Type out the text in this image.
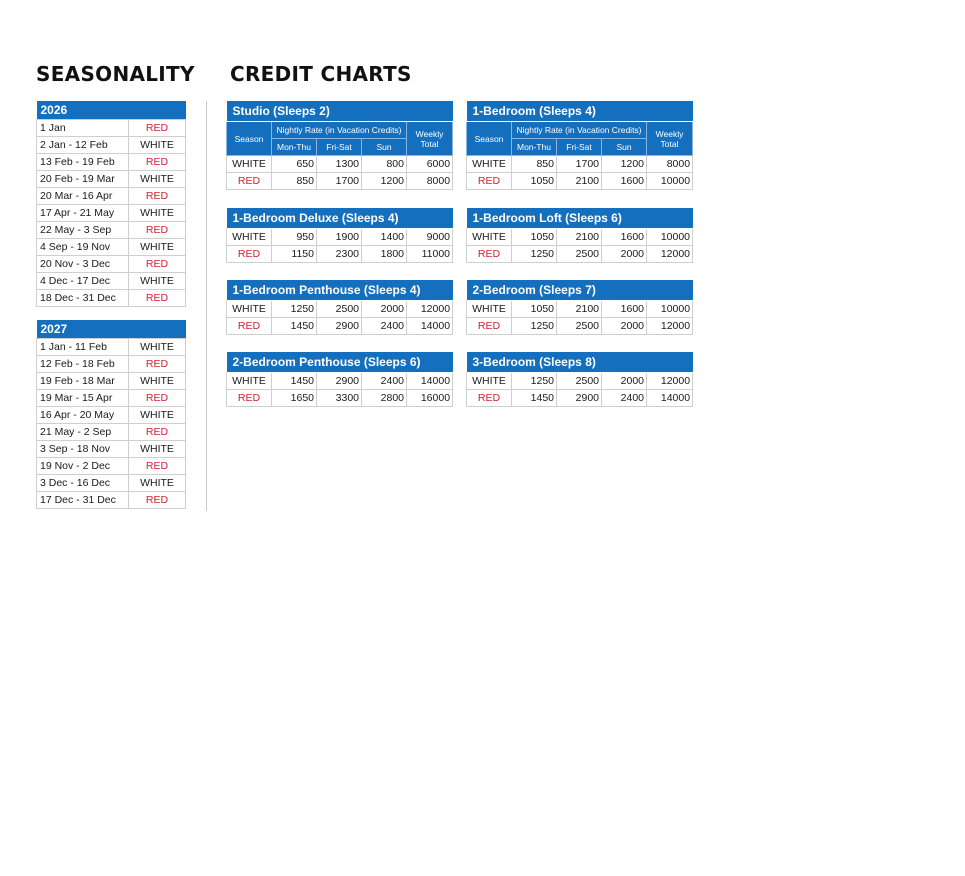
SEASONALITY CREDIT CHARTS
2026	
1 Jan	RED
2 Jan - 12 Feb	WHITE
13 Feb - 19 Feb	RED
20 Feb - 19 Mar	WHITE
20 Mar - 16 Apr	RED
17 Apr - 21 May	WHITE
22 May - 3 Sep	RED
4 Sep - 19 Nov	WHITE
20 Nov - 3 Dec	RED
4 Dec - 17 Dec	WHITE
18 Dec - 31 Dec	RED
2027	
1 Jan - 11 Feb	WHITE
12 Feb - 18 Feb	RED
19 Feb - 18 Mar	WHITE
19 Mar - 15 Apr	RED
16 Apr - 20 May	WHITE
21 May - 2 Sep	RED
3 Sep - 18 Nov	WHITE
19 Nov - 2 Dec	RED
3 Dec - 16 Dec	WHITE
17 Dec - 31 Dec	RED
Studio (Sleeps 2)				
Season	Nightly Rate (in Vacation Credits)			Weekly Total
	Mon-Thu	Fri-Sat	Sun	
WHITE	650	1300	800	6000
RED	850	1700	1200	8000
1-Bedroom (Sleeps 4)				
Season	Nightly Rate (in Vacation Credits)			Weekly Total
	Mon-Thu	Fri-Sat	Sun	
WHITE	850	1700	1200	8000
RED	1050	2100	1600	10000
1-Bedroom Deluxe (Sleeps 4)				
WHITE	950	1900	1400	9000
RED	1150	2300	1800	11000
1-Bedroom Loft (Sleeps 6)				
WHITE	1050	2100	1600	10000
RED	1250	2500	2000	12000
1-Bedroom Penthouse (Sleeps 4)				
WHITE	1250	2500	2000	12000
RED	1450	2900	2400	14000
2-Bedroom (Sleeps 7)				
WHITE	1050	2100	1600	10000
RED	1250	2500	2000	12000
2-Bedroom Penthouse (Sleeps 6)				
WHITE	1450	2900	2400	14000
RED	1650	3300	2800	16000
3-Bedroom (Sleeps 8)				
WHITE	1250	2500	2000	12000
RED	1450	2900	2400	14000
